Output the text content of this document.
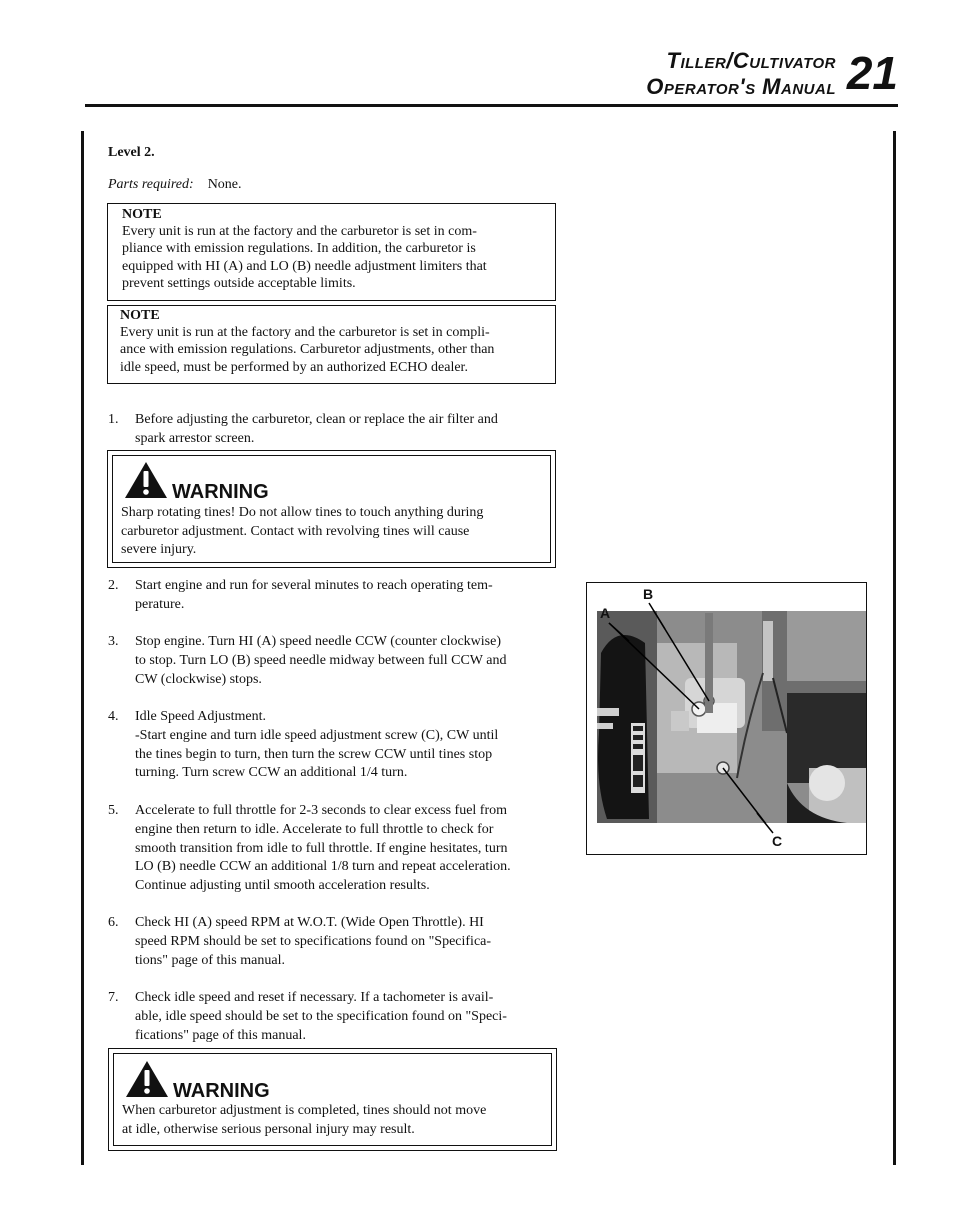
Tiller/Cultivator
Operator's Manual 21
Level 2.
Parts required: None.
NOTE
Every unit is run at the factory and the carburetor is set in com-
pliance with emission regulations. In addition, the carburetor is
equipped with HI (A) and LO (B) needle adjustment limiters that
prevent settings outside acceptable limits.
NOTE
Every unit is run at the factory and the carburetor is set in compli-
ance with emission regulations. Carburetor adjustments, other than
idle speed, must be performed by an authorized ECHO dealer.
1. Before adjusting the carburetor, clean or replace the air filter and
spark arrestor screen.
WARNING
Sharp rotating tines! Do not allow tines to touch anything during
carburetor adjustment. Contact with revolving tines will cause
severe injury.
2. Start engine and run for several minutes to reach operating tem-
perature.
3. Stop engine. Turn HI (A) speed needle CCW (counter clockwise)
to stop. Turn LO (B) speed needle midway between full CCW and
CW (clockwise) stops.
4. Idle Speed Adjustment.
-Start engine and turn idle speed adjustment screw (C), CW until
the tines begin to turn, then turn the screw CCW until tines stop
turning. Turn screw CCW an additional 1/4 turn.
5. Accelerate to full throttle for 2-3 seconds to clear excess fuel from
engine then return to idle. Accelerate to full throttle to check for
smooth transition from idle to full throttle. If engine hesitates, turn
LO (B) needle CCW an additional 1/8 turn and repeat acceleration.
Continue adjusting until smooth acceleration results.
6. Check HI (A) speed RPM at W.O.T. (Wide Open Throttle). HI
speed RPM should be set to specifications found on "Specifica-
tions" page of this manual.
7. Check idle speed and reset if necessary. If a tachometer is avail-
able, idle speed should be set to the specification found on "Speci-
fications" page of this manual.
WARNING
When carburetor adjustment is completed, tines should not move
at idle, otherwise serious personal injury may result.
A
B
C
